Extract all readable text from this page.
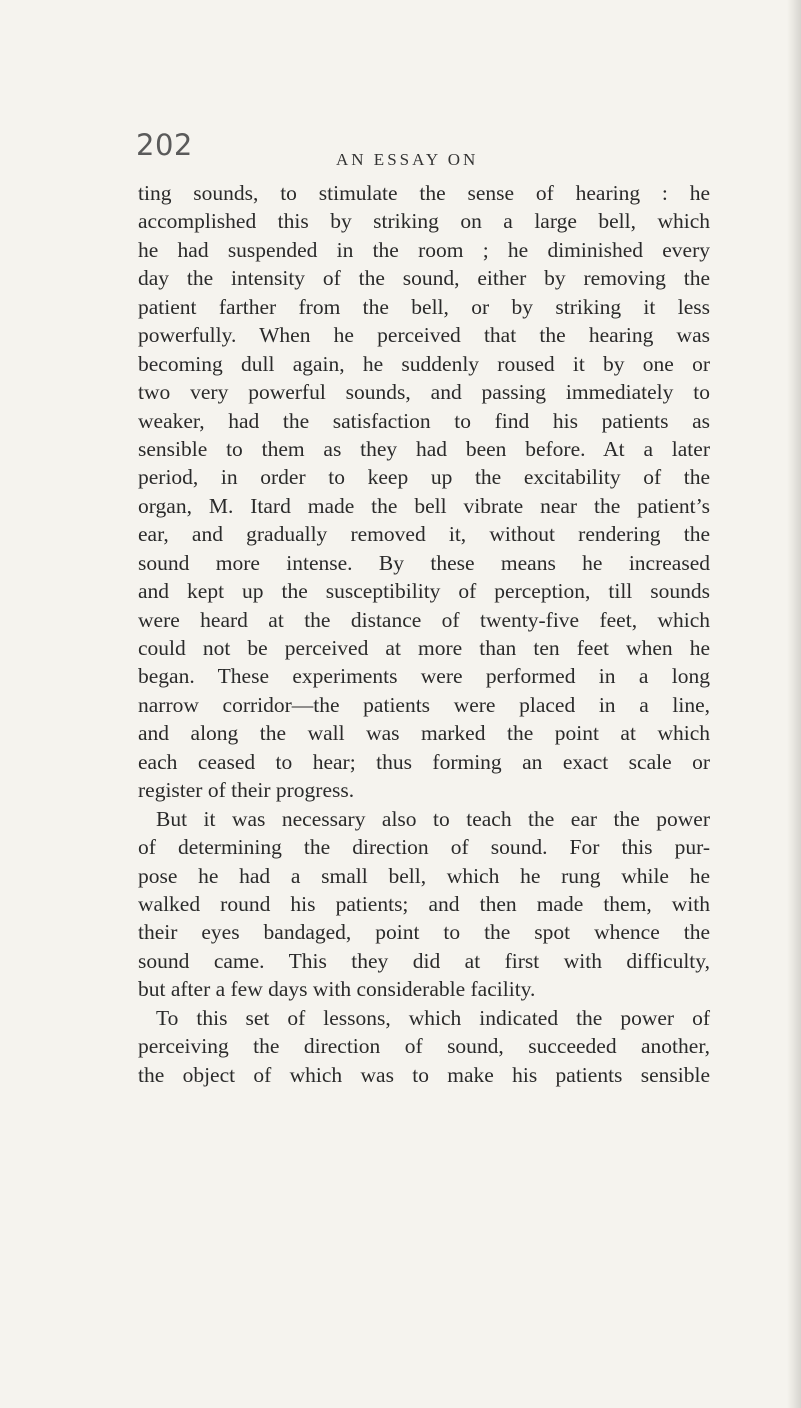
202	AN ESSAY ON
ting sounds, to stimulate the sense of hearing : he
accomplished this by striking on a large bell, which
he had suspended in the room ; he diminished every
day the intensity of the sound, either by removing the
patient farther from the bell, or by striking it less
powerfully. When he perceived that the hearing was
becoming dull again, he suddenly roused it by one or
two very powerful sounds, and passing immediately to
weaker, had the satisfaction to find his patients as
sensible to them as they had been before. At a later
period, in order to keep up the excitability of the
organ, M. Itard made the bell vibrate near the patient’s
ear, and gradually removed it, without rendering the
sound more intense. By these means he increased
and kept up the susceptibility of perception, till sounds
were heard at the distance of twenty-five feet, which
could not be perceived at more than ten feet when he
began. These experiments were performed in a long
narrow corridor—the patients were placed in a line,
and along the wall was marked the point at which
each ceased to hear; thus forming an exact scale or
register of their progress.
But it was necessary also to teach the ear the power
of determining the direction of sound. For this pur-
pose he had a small bell, which he rung while he
walked round his patients; and then made them, with
their eyes bandaged, point to the spot whence the
sound came. This they did at first with difficulty,
but after a few days with considerable facility.
To this set of lessons, which indicated the power of
perceiving the direction of sound, succeeded another,
the object of which was to make his patients sensible
